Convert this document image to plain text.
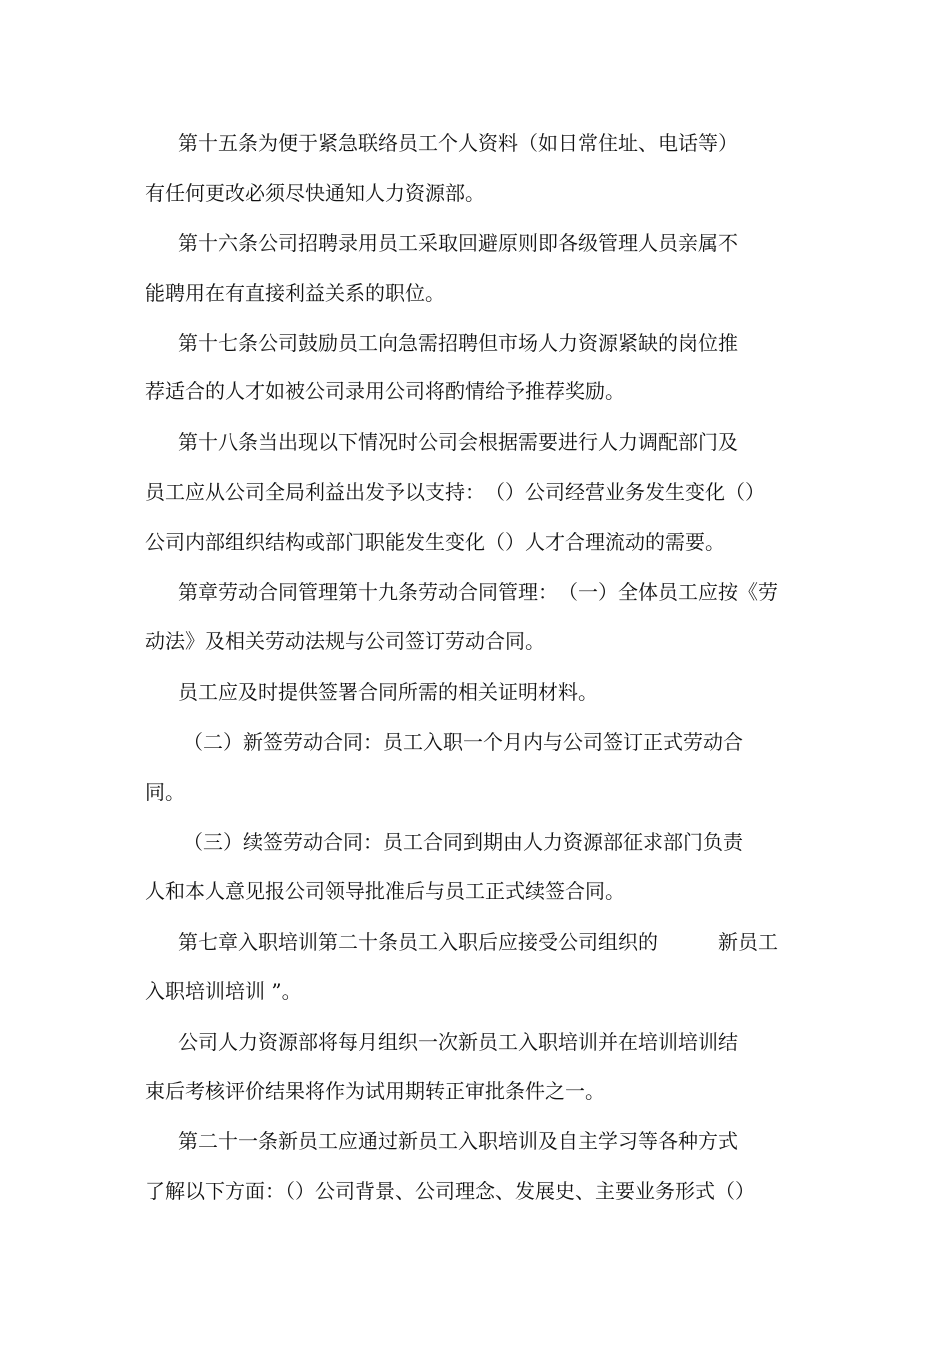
第十五条为便于紧急联络员工个人资料（如日常住址、电话等）
有任何更改必须尽快通知人力资源部。
第十六条公司招聘录用员工采取回避原则即各级管理人员亲属不
能聘用在有直接利益关系的职位。
第十七条公司鼓励员工向急需招聘但市场人力资源紧缺的岗位推
荐适合的人才如被公司录用公司将酌情给予推荐奖励。
第十八条当出现以下情况时公司会根据需要进行人力调配部门及
员工应从公司全局利益出发予以支持：　（）公司经营业务发生变化（）
公司内部组织结构或部门职能发生变化（）人才合理流动的需要。
第章劳动合同管理第十九条劳动合同管理：　（一）全体员工应按《劳
动法》及相关劳动法规与公司签订劳动合同。
员工应及时提供签署合同所需的相关证明材料。
（二）新签劳动合同：员工入职一个月内与公司签订正式劳动合
同。
（三）续签劳动合同：员工合同到期由人力资源部征求部门负责
人和本人意见报公司领导批准后与员工正式续签合同。
第七章入职培训第二十条员工入职后应接受公司组织的　　　新员工
入职培训培训 ”。
公司人力资源部将每月组织一次新员工入职培训并在培训培训结
束后考核评价结果将作为试用期转正审批条件之一。
第二十一条新员工应通过新员工入职培训及自主学习等各种方式
了解以下方面：（）公司背景、公司理念、发展史、主要业务形式（）
